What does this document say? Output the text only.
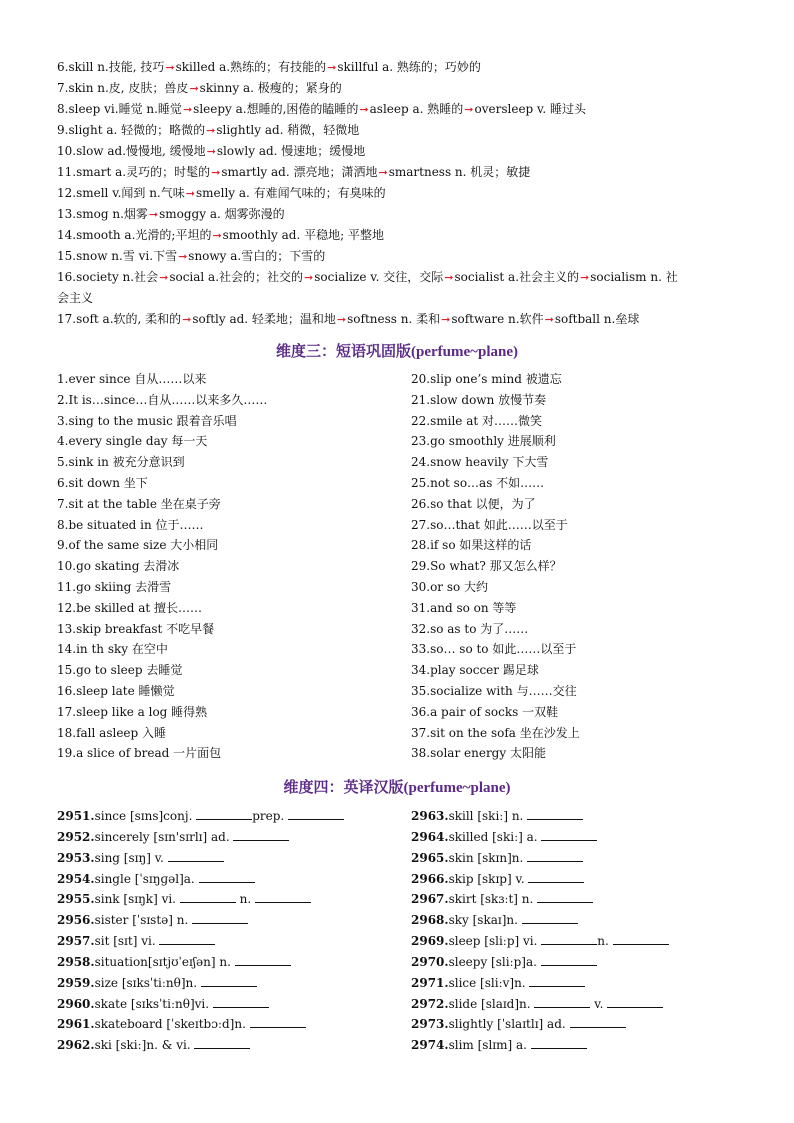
6.skill n.技能, 技巧 ➞ skilled a.熟练的；有技能的 ➞ skillful a. 熟练的；巧妙的
7.skin n.皮, 皮肤；兽皮 ➞ skinny a. 极瘦的；紧身的
8.sleep vi.睡觉 n.睡觉 ➞ sleepy a.想睡的,困倦的瞌睡的 ➞ asleep a. 熟睡的 ➞ oversleep v. 睡过头
9.slight a. 轻微的；略微的 ➞ slightly ad. 稍微，轻微地
10.slow ad.慢慢地, 缓慢地 ➞ slowly ad. 慢速地；缓慢地
11.smart a.灵巧的；时髦的 ➞ smartly ad. 漂亮地；潇洒地 ➞ smartness n. 机灵；敏捷
12.smell v.闻到 n.气味 ➞ smelly a. 有难闻气味的；有臭味的
13.smog n.烟雾 ➞ smoggy a. 烟雾弥漫的
14.smooth a.光滑的;平坦的 ➞ smoothly ad. 平稳地; 平整地
15.snow n.雪 vi.下雪 ➞ snowy a.雪白的；下雪的
16.society n.社会 ➞ social a.社会的；社交的 ➞ socialize v. 交往，交际 ➞ socialist a.社会主义的 ➞ socialism n. 社
会主义
17.soft a.软的, 柔和的 ➞ softly ad. 轻柔地；温和地 ➞ softness n. 柔和 ➞ software n.软件 ➞ softball n.垒球
维度三：短语巩固版(perfume~plane)
1.ever since 自从……以来
2.It is…since…自从……以来多久……
3.sing to the music 跟着音乐唱
4.every single day 每一天
5.sink in 被充分意识到
6.sit down 坐下
7.sit at the table 坐在桌子旁
8.be situated in 位于……
9.of the same size 大小相同
10.go skating 去滑冰
11.go skiing 去滑雪
12.be skilled at 擅长……
13.skip breakfast 不吃早餐
14.in th sky 在空中
15.go to sleep 去睡觉
16.sleep late 睡懒觉
17.sleep like a log 睡得熟
18.fall asleep 入睡
19.a slice of bread 一片面包
20.slip one’s mind 被遗忘
21.slow down 放慢节奏
22.smile at 对……微笑
23.go smoothly 进展顺利
24.snow heavily 下大雪
25.not so…as 不如……
26.so that 以便，为了
27.so…that 如此……以至于
28.if so 如果这样的话
29.So what? 那又怎么样？
30.or so 大约
31.and so on 等等
32.so as to 为了……
33.so… so to 如此……以至于
34.play soccer 踢足球
35.socialize with 与……交往
36.a pair of socks 一双鞋
37.sit on the sofa 坐在沙发上
38.solar energy 太阳能
维度四：英译汉版(perfume~plane)
2951.since [sɪns]conj.	prep.
2952.sincerely [sɪn'sɪrlɪ] ad.
2953.sing [sɪŋ] v.
2954.single [ˈsɪŋɡəl]a.
2955.sink [sɪŋk] vi.	n.
2956.sister [ˈsɪstə] n.
2957.sit [sɪt] vi.
2958.situation[sɪtjʊˈeɪʃən] n.
2959.size [sɪksˈtiːnθ]n.
2960.skate [sɪksˈtiːnθ]vi.
2961.skateboard [ˈskeɪtbɔːd]n.
2962.ski [skiː]n. & vi.
2963.skill [skiː] n.
2964.skilled [skiː] a.
2965.skin [skɪn]n.
2966.skip [skɪp] v.
2967.skirt [skɜːt] n.
2968.sky [skaɪ]n.
2969.sleep [sliːp] vi.	n.
2970.sleepy [sliːp]a.
2971.slice [sliːv]n.
2972.slide [slaɪd]n.	v.
2973.slightly [ˈslaɪtlɪ] ad.
2974.slim [slɪm] a.
